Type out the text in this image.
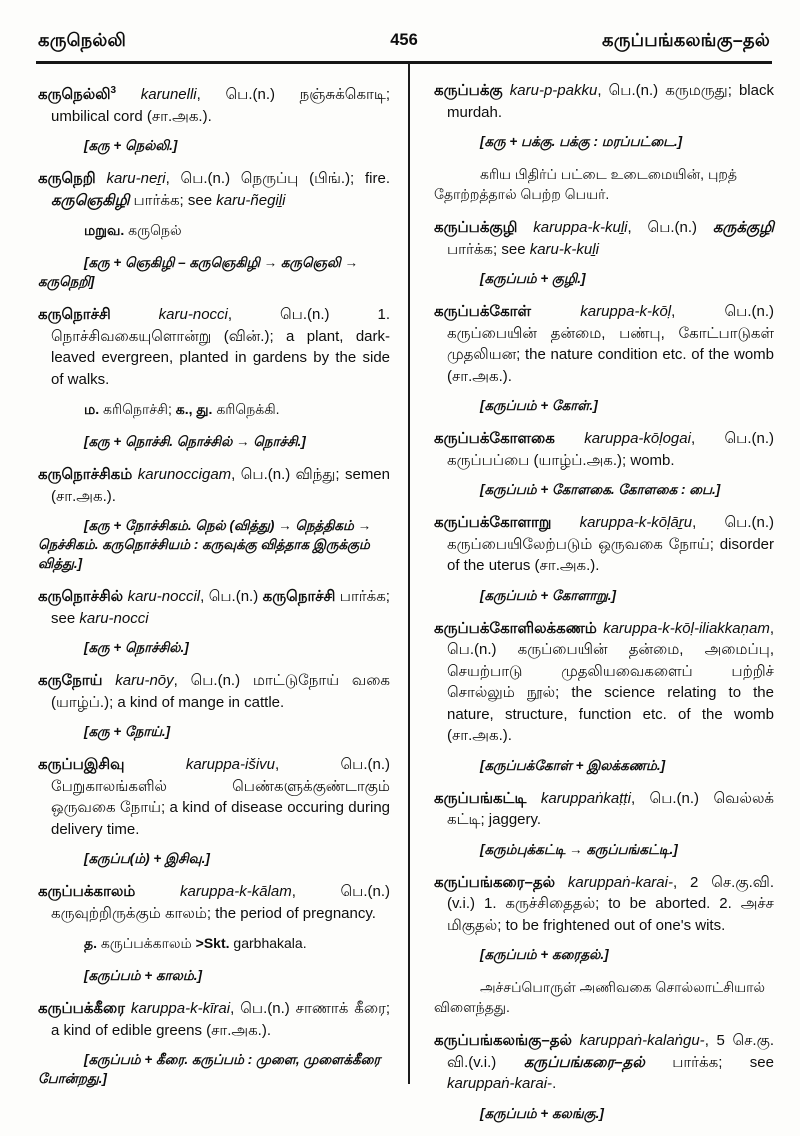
கருநெல்லி	456	கருப்பங்கலங்கு–தல்

கருநெல்லி$^3$ karunelli, பெ.(n.) நஞ்சுக்கொடி; umbilical cord (சா.அக.).

[கரு + நெல்லி.]

கருநெறி karu-neṟi, பெ.(n.) நெருப்பு (பிங்.); fire. கருஞெகிழி பார்க்க; see karu-ñegiḻi

மறுவ. கருநெல்

[கரு + ஞெகிழி – கருஞெகிழி → கருஞெலி → கருநெறி]

கருநொச்சி	karu-nocci, பெ.(n.) 1. நொச்சிவகையுளொன்று (வின்.); a plant, dark-leaved evergreen, planted in gardens by the side of walks.

ம. கரிநொச்சி; க., து. கரிநெக்கி.

[கரு + நொச்சி. நொச்சில் → நொச்சி.]

கருநொச்சிகம் karunoccigam, பெ.(n.) விந்து; semen (சா.அக.).

[கரு + நோச்சிகம். நெல் (வித்து) → நெத்திகம் → நெச்சிகம். கருநொச்சியம் : கருவுக்கு வித்தாக இருக்கும் வித்து.]

கருநொச்சில் karu-noccil, பெ.(n.) கருநொச்சி பார்க்க; see karu-nocci

[கரு + நொச்சில்.]

கருநோய் karu-nōy, பெ.(n.) மாட்டுநோய் வகை (யாழ்ப்.); a kind of mange in cattle.

[கரு + நோய்.]

கருப்பஇசிவு	karuppa-išivu, பெ.(n.) பேறுகாலங்களில் பெண்களுக்குண்டாகும் ஒருவகை நோய்; a kind of disease occuring during delivery time.

[கருப்ப(ம்) + இசிவு.]

கருப்பக்காலம்	karuppa-k-kālam, பெ.(n.) கருவுற்றிருக்கும் காலம்; the period of pregnancy.

த. கருப்பக்காலம் >Skt. garbhakala.

[கருப்பம் + காலம்.]

கருப்பக்கீரை karuppa-k-kīrai, பெ.(n.) சாணாக் கீரை; a kind of edible greens (சா.அக.).

[கருப்பம் + கீரை. கருப்பம் : முளை, முளைக்கீரை போன்றது.]

கருப்பக்கு karu-p-pakku, பெ.(n.) கருமருது; black murdah.

[கரு + பக்கு. பக்கு : மரப்பட்டை.]

கரிய பிதிர்ப் பட்டை உடைமையின், புறத் தோற்றத்தால் பெற்ற பெயர்.

கருப்பக்குழி karuppa-k-kuḻi, பெ.(n.) கருக்குழி பார்க்க; see karu-k-kuḻi

[கருப்பம் + குழி.]

கருப்பக்கோள்	karuppa-k-kōḷ, பெ.(n.) கருப்பையின் தன்மை, பண்பு, கோட்பாடுகள் முதலியன; the nature condition etc. of the womb (சா.அக.).

[கருப்பம் + கோள்.]

கருப்பக்கோளகை karuppa-kōḷogai, பெ.(n.) கருப்பப்பை (யாழ்ப்.அக.); womb.

[கருப்பம் + கோளகை. கோளகை : பை.]

கருப்பக்கோளாறு karuppa-k-kōḷāṟu, பெ.(n.) கருப்பையிலேற்படும் ஒருவகை நோய்; disorder of the uterus (சா.அக.).

[கருப்பம் + கோளாறு.]

கருப்பக்கோளிலக்கணம் karuppa-k-kōḷ-iliakkaṇam, பெ.(n.) கருப்பையின் தன்மை, அமைப்பு, செயற்பாடு முதலியவைகளைப் பற்றிச் சொல்லும் நூல்; the science relating to the nature, structure, function etc. of the womb (சா.அக.).

[கருப்பக்கோள் + இலக்கணம்.]

கருப்பங்கட்டி karuppaṅkaṭṭi, பெ.(n.) வெல்லக் கட்டி; jaggery.

[கரும்புக்கட்டி → கருப்பங்கட்டி.]

கருப்பங்கரை–தல் karuppaṅ-karai-, 2 செ.கு.வி. (v.i.) 1. கருச்சிதைதல்; to be aborted. 2. அச்ச மிகுதல்; to be frightened out of one's wits.

[கருப்பம் + கரைதல்.]

அச்சப்பொருள் அணிவகை சொல்லாட்சியால் விளைந்தது.

கருப்பங்கலங்கு–தல் karuppaṅ-kalaṅgu-, 5 செ.கு. வி.(v.i.) கருப்பங்கரை–தல் பார்க்க; see karuppaṅ-karai-.

[கருப்பம் + கலங்கு.]
